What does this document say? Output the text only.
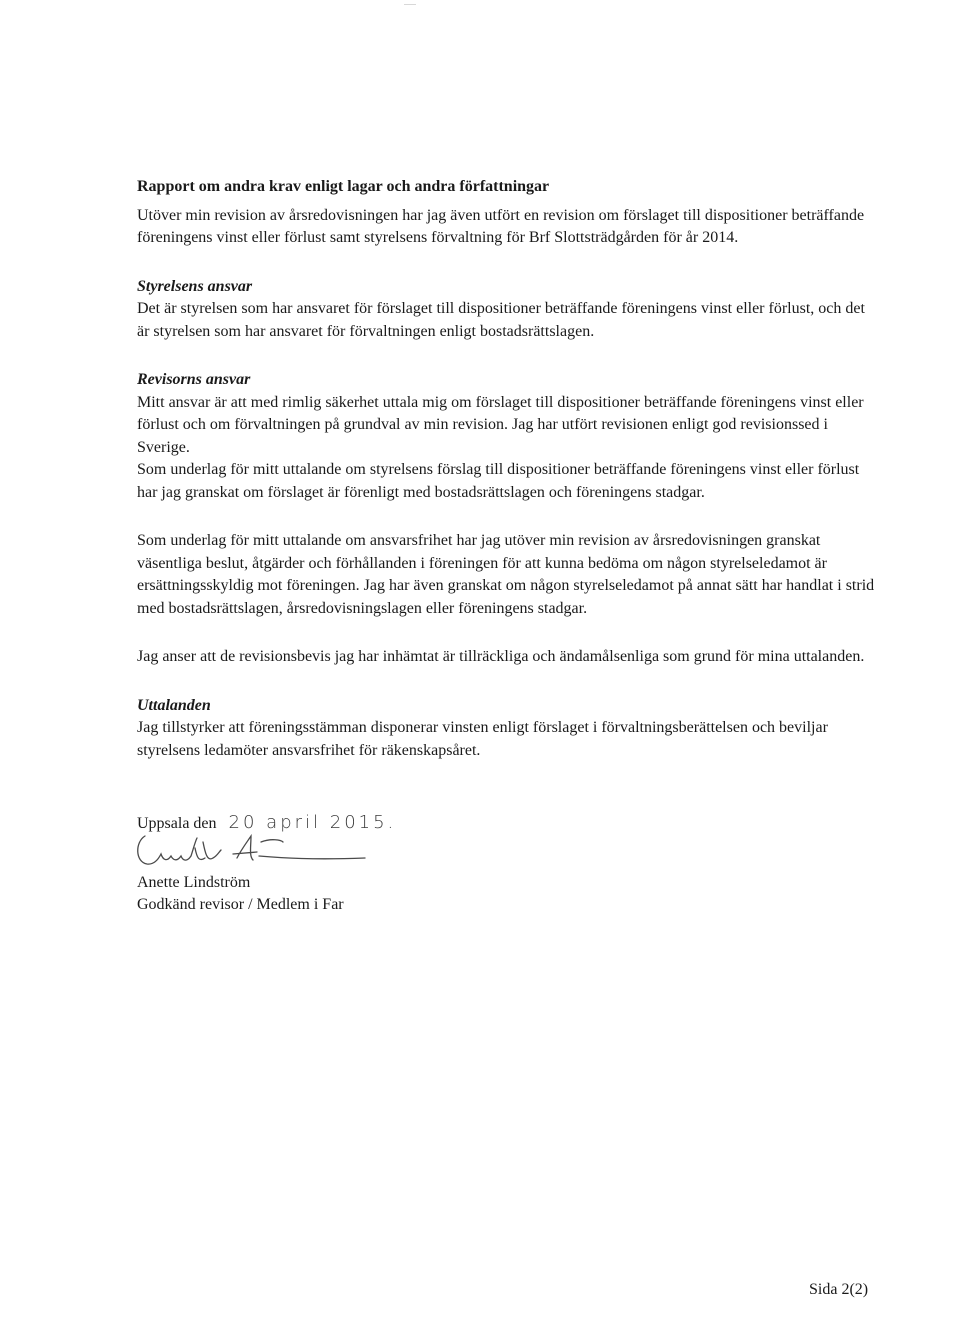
Rapport om andra krav enligt lagar och andra författningar

Utöver min revision av årsredovisningen har jag även utfört en revision om förslaget till dispositioner beträffande föreningens vinst eller förlust samt styrelsens förvaltning för Brf Slottsträdgården för år 2014.

Styrelsens ansvar

Det är styrelsen som har ansvaret för förslaget till dispositioner beträffande föreningens vinst eller förlust, och det är styrelsen som har ansvaret för förvaltningen enligt bostadsrättslagen.

Revisorns ansvar

Mitt ansvar är att med rimlig säkerhet uttala mig om förslaget till dispositioner beträffande föreningens vinst eller förlust och om förvaltningen på grundval av min revision. Jag har utfört revisionen enligt god revisionssed i Sverige.

Som underlag för mitt uttalande om styrelsens förslag till dispositioner beträffande föreningens vinst eller förlust har jag granskat om förslaget är förenligt med bostadsrättslagen och föreningens stadgar.

Som underlag för mitt uttalande om ansvarsfrihet har jag utöver min revision av årsredovisningen granskat väsentliga beslut, åtgärder och förhållanden i föreningen för att kunna bedöma om någon styrelseledamot är ersättningsskyldig mot föreningen. Jag har även granskat om någon styrelseledamot på annat sätt har handlat i strid med bostadsrättslagen, årsredovisningslagen eller föreningens stadgar.

Jag anser att de revisionsbevis jag har inhämtat är tillräckliga och ändamålsenliga som grund för mina uttalanden.

Uttalanden

Jag tillstyrker att föreningsstämman disponerar vinsten enligt förslaget i förvaltningsberättelsen och beviljar styrelsens ledamöter ansvarsfrihet för räkenskapsåret.

Uppsala den 20 april 2015.

Anette Lindström

Godkänd revisor / Medlem i Far

Sida 2(2)
